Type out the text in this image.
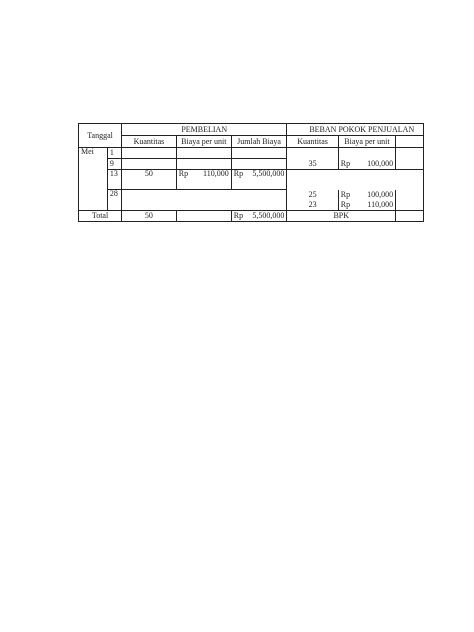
Tanggal		PEMBELIAN			BEBAN POKOK PENJUALAN		
		Kuantitas	Biaya per unit	Jumlah Biaya	Kuantitas	Biaya per unit	
Mei	1						
	9				35	Rp 100,000	

	13	50	Rp 110,000	Rp 5,500,000			

	28				25	Rp 100,000	

					23	Rp 110,000	

Total		50		Rp 5,500,000	BPK		
